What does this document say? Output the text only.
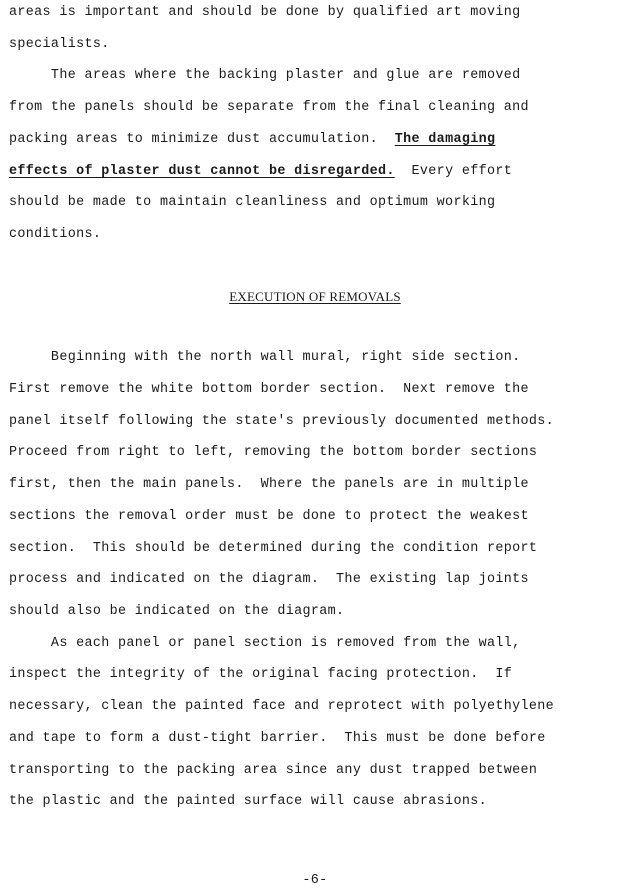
areas is important and should be done by qualified art moving
specialists.
The areas where the backing plaster and glue are removed
from the panels should be separate from the final cleaning and
packing areas to minimize dust accumulation.  The damaging
effects of plaster dust cannot be disregarded.  Every effort
should be made to maintain cleanliness and optimum working
conditions.
EXECUTION OF REMOVALS
Beginning with the north wall mural, right side section.
First remove the white bottom border section.  Next remove the
panel itself following the state's previously documented methods.
Proceed from right to left, removing the bottom border sections
first, then the main panels.  Where the panels are in multiple
sections the removal order must be done to protect the weakest
section.  This should be determined during the condition report
process and indicated on the diagram.  The existing lap joints
should also be indicated on the diagram.
As each panel or panel section is removed from the wall,
inspect the integrity of the original facing protection.  If
necessary, clean the painted face and reprotect with polyethylene
and tape to form a dust-tight barrier.  This must be done before
transporting to the packing area since any dust trapped between
the plastic and the painted surface will cause abrasions.
-6-
